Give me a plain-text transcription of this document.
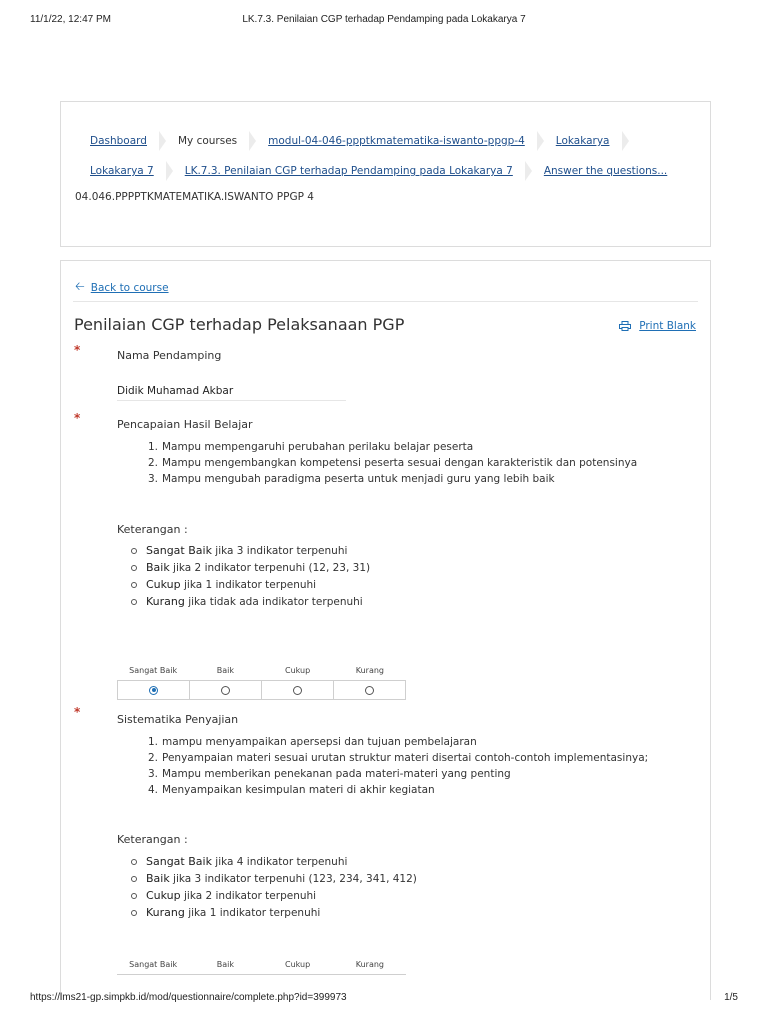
11/1/22, 12:47 PM	LK.7.3. Penilaian CGP terhadap Pendamping pada Lokakarya 7
Dashboard	My courses	modul-04-046-ppptkmatematika-iswanto-ppgp-4	Lokakarya
Lokakarya 7	LK.7.3. Penilaian CGP terhadap Pendamping pada Lokakarya 7	Answer the questions...
04.046.PPPPTKMATEMATIKA.ISWANTO PPGP 4
🡠 Back to course
Penilaian CGP terhadap Pelaksanaan PGP	Print Blank
*	Nama Pendamping
Didik Muhamad Akbar
*	Pencapaian Hasil Belajar
1. Mampu mempengaruhi perubahan perilaku belajar peserta
2. Mampu mengembangkan kompetensi peserta sesuai dengan karakteristik dan potensinya
3. Mampu mengubah paradigma peserta untuk menjadi guru yang lebih baik
Keterangan :
Sangat Baik jika 3 indikator terpenuhi
Baik jika 2 indikator terpenuhi (12, 23, 31)
Cukup jika 1 indikator terpenuhi
Kurang jika tidak ada indikator terpenuhi
Sangat Baik	Baik	Cukup	Kurang
*
Sistematika Penyajian
1. mampu menyampaikan apersepsi dan tujuan pembelajaran
2. Penyampaian materi sesuai urutan struktur materi disertai contoh-contoh implementasinya;
3. Mampu memberikan penekanan pada materi-materi yang penting
4. Menyampaikan kesimpulan materi di akhir kegiatan
Keterangan :
Sangat Baik jika 4 indikator terpenuhi
Baik jika 3 indikator terpenuhi (123, 234, 341, 412)
Cukup jika 2 indikator terpenuhi
Kurang jika 1 indikator terpenuhi
Sangat Baik	Baik	Cukup	Kurang
https://lms21-gp.simpkb.id/mod/questionnaire/complete.php?id=399973	1/5
